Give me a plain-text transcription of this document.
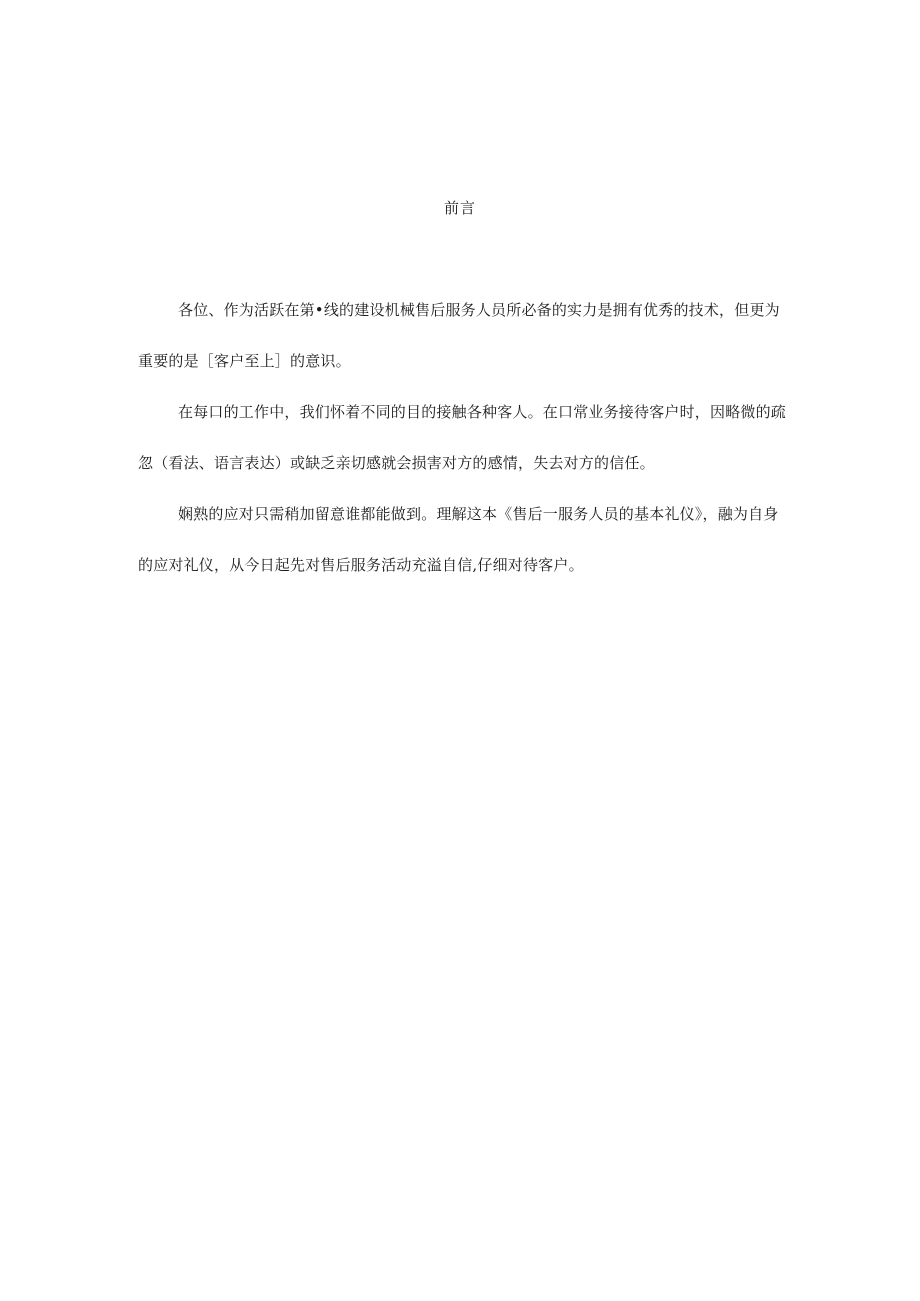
前言

各位、作为活跃在第•线的建设机械售后服务人员所必备的实力是拥有优秀的技术，但更为重要的是［客户至上］的意识。

在每口的工作中，我们怀着不同的目的接触各种客人。在口常业务接待客户时，因略微的疏忽（看法、语言表达）或缺乏亲切感就会损害对方的感情，失去对方的信任。

娴熟的应对只需稍加留意谁都能做到。理解这本《售后一服务人员的基本礼仪》，融为自身的应对礼仪，从今日起先对售后服务活动充溢自信,仔细对待客户。
